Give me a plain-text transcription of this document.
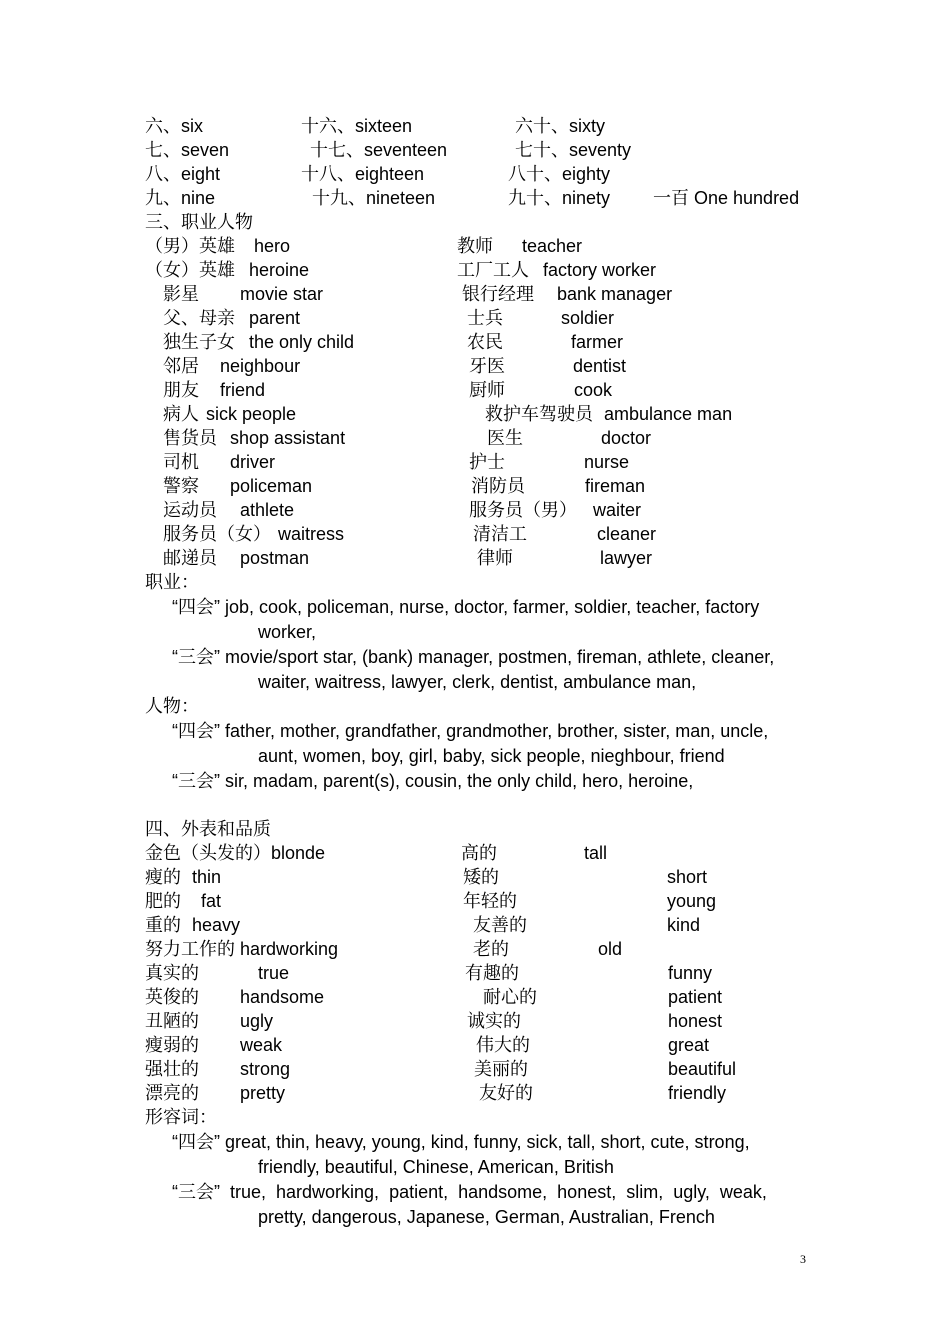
六、six	十六、sixteen	六十、sixty
七、seven	十七、seventeen	七十、seventy
八、eight	十八、eighteen	八十、eighty
九、nine	十九、nineteen	九十、ninety 一百 One hundred
三、职业人物
（男）英雄 hero	教师 teacher
（女）英雄 heroine	工厂工人 factory worker
影星 movie star	银行经理 bank manager
父、母亲 parent	士兵	soldier
独生子女 the only child	农民	farmer
邻居 neighbour	牙医	dentist
朋友 friend	厨师	cook
病人 sick people	救护车驾驶员 ambulance man
售货员 shop assistant	医生	doctor
司机 driver	护士	nurse
警察 policeman	消防员	fireman
运动员 athlete	服务员（男） waiter
服务员（女） waitress	清洁工	cleaner
邮递员 postman	律师	lawyer
职业：
“四会” job, cook, policeman, nurse, doctor, farmer, soldier, teacher, factory
worker,
“三会” movie/sport star, (bank) manager, postmen, fireman, athlete, cleaner,
waiter, waitress, lawyer, clerk, dentist, ambulance man,
人物：
“四会” father, mother, grandfather, grandmother, brother, sister, man, uncle,
aunt, women, boy, girl, baby, sick people, nieghbour, friend
“三会” sir, madam, parent(s), cousin, the only child, hero, heroine,
四、外表和品质
金色（头发的）blonde	高的	tall
瘦的 thin	矮的	short
肥的 fat	年轻的	young
重的 heavy	友善的	kind
努力工作的 hardworking	老的	old
真实的	true	有趣的	funny
英俊的 handsome	耐心的	patient
丑陋的 ugly	诚实的	honest
瘦弱的 weak	伟大的	great
强壮的 strong	美丽的	beautiful
漂亮的 pretty	友好的	friendly
形容词：
“四会” great, thin, heavy, young, kind, funny, sick, tall, short, cute, strong,
friendly, beautiful, Chinese, American, British
“三会”  true,  hardworking,  patient,  handsome,  honest,  slim,  ugly,  weak,
pretty, dangerous, Japanese, German, Australian, French
3
